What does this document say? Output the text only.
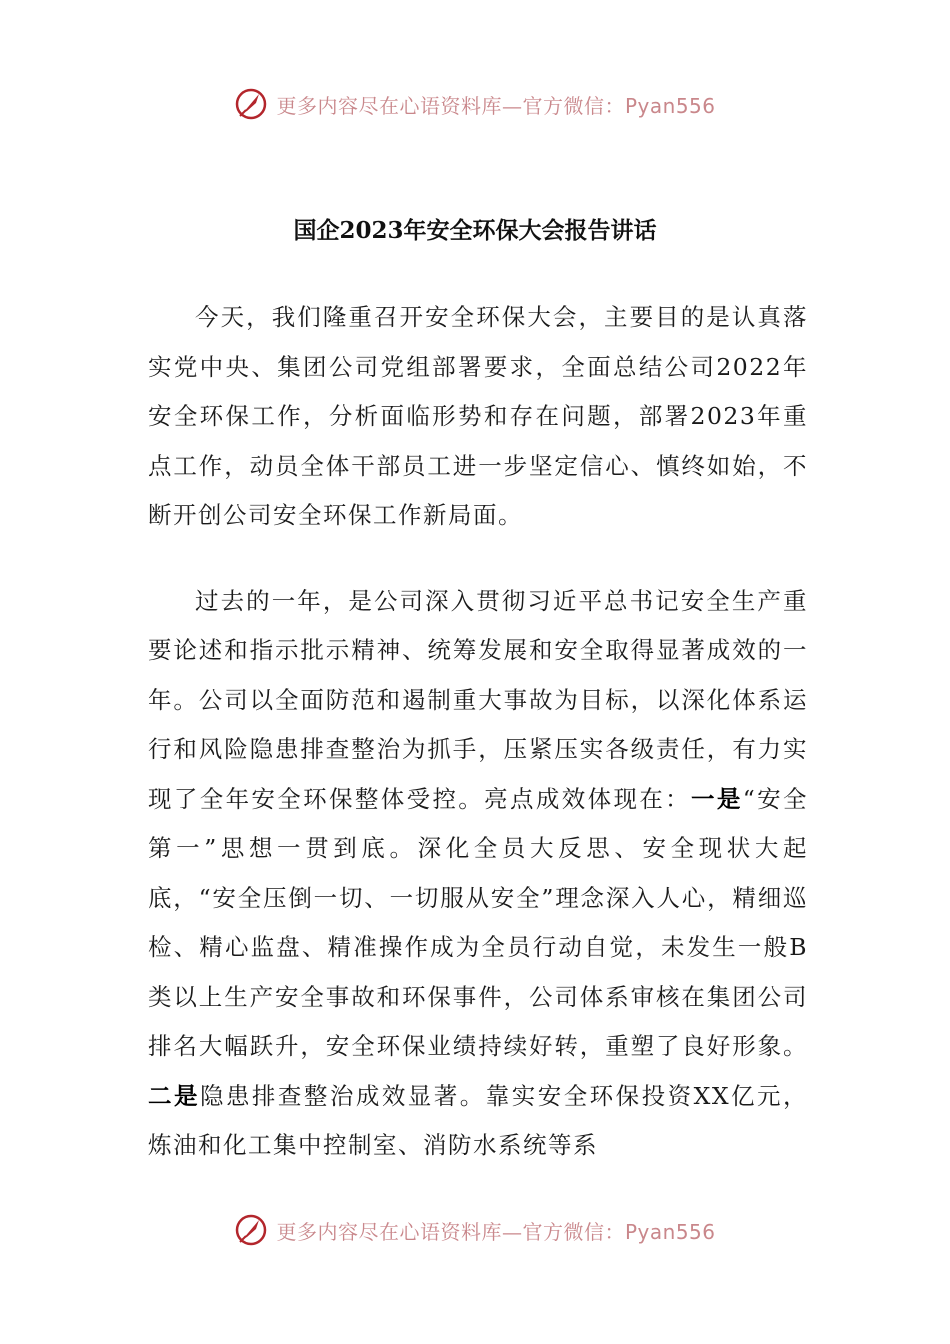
更多内容尽在心语资料库—官方微信：Pyan556
国企2023年安全环保大会报告讲话

今天，我们隆重召开安全环保大会，主要目的是认真落实党中央、集团公司党组部署要求，全面总结公司2022年安全环保工作，分析面临形势和存在问题，部署2023年重点工作，动员全体干部员工进一步坚定信心、慎终如始，不断开创公司安全环保工作新局面。

过去的一年，是公司深入贯彻习近平总书记安全生产重要论述和指示批示精神、统筹发展和安全取得显著成效的一年。公司以全面防范和遏制重大事故为目标，以深化体系运行和风险隐患排查整治为抓手，压紧压实各级责任，有力实现了全年安全环保整体受控。亮点成效体现在：一是“安全第一”思想一贯到底。深化全员大反思、安全现状大起底，“安全压倒一切、一切服从安全”理念深入人心，精细巡检、精心监盘、精准操作成为全员行动自觉，未发生一般B类以上生产安全事故和环保事件，公司体系审核在集团公司排名大幅跃升，安全环保业绩持续好转，重塑了良好形象。二是隐患排查整治成效显著。靠实安全环保投资XX亿元，炼油和化工集中控制室、消防水系统等系

更多内容尽在心语资料库—官方微信：Pyan556
